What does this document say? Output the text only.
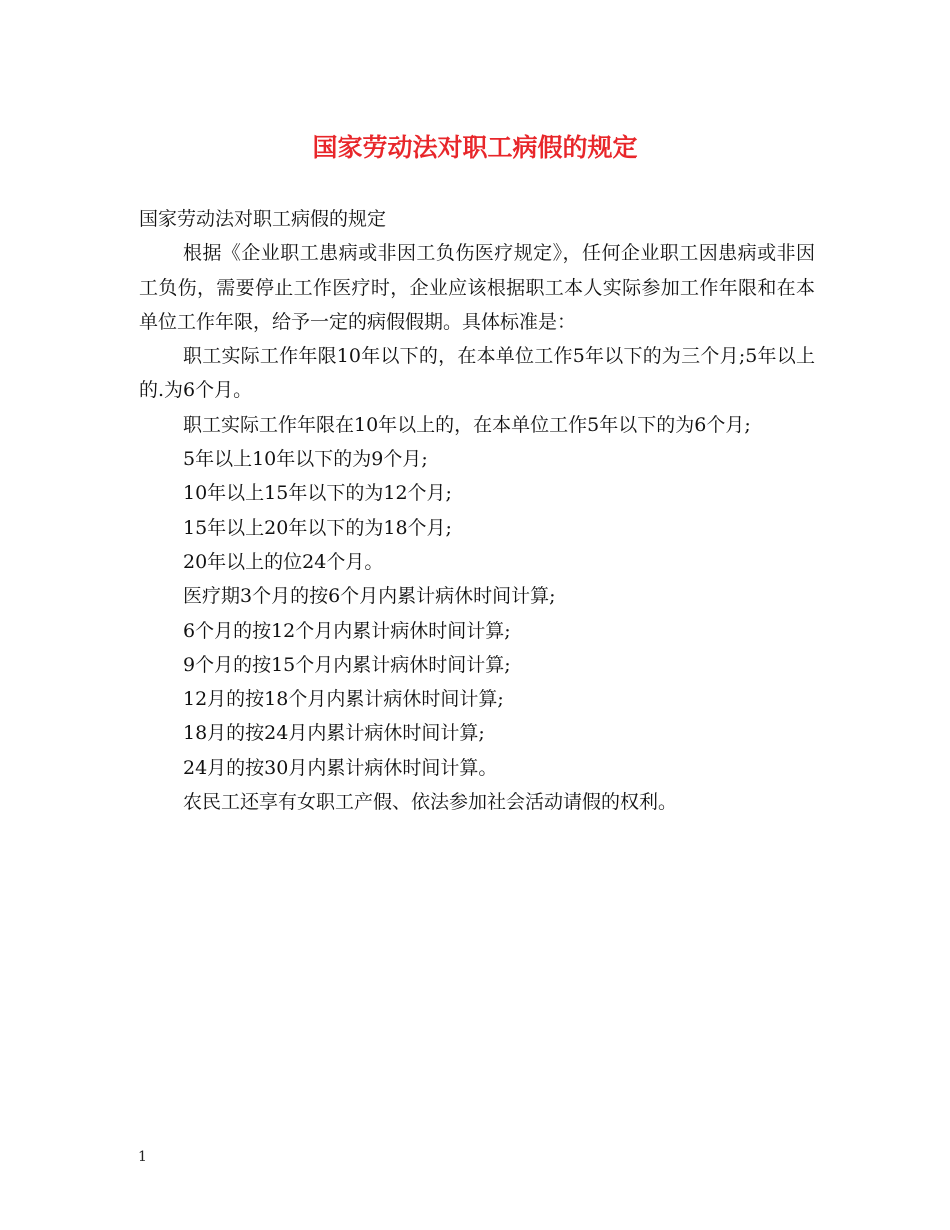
国家劳动法对职工病假的规定

国家劳动法对职工病假的规定

根据《企业职工患病或非因工负伤医疗规定》，任何企业职工因患病或非因工负伤，需要停止工作医疗时，企业应该根据职工本人实际参加工作年限和在本单位工作年限，给予一定的病假假期。具体标准是：

职工实际工作年限10年以下的，在本单位工作5年以下的为三个月;5年以上的.为6个月。

职工实际工作年限在10年以上的，在本单位工作5年以下的为6个月;

5年以上10年以下的为9个月;

10年以上15年以下的为12个月;

15年以上20年以下的为18个月;

20年以上的位24个月。

医疗期3个月的按6个月内累计病休时间计算;

6个月的按12个月内累计病休时间计算;

9个月的按15个月内累计病休时间计算;

12月的按18个月内累计病休时间计算;

18月的按24月内累计病休时间计算;

24月的按30月内累计病休时间计算。

农民工还享有女职工产假、依法参加社会活动请假的权利。

1
